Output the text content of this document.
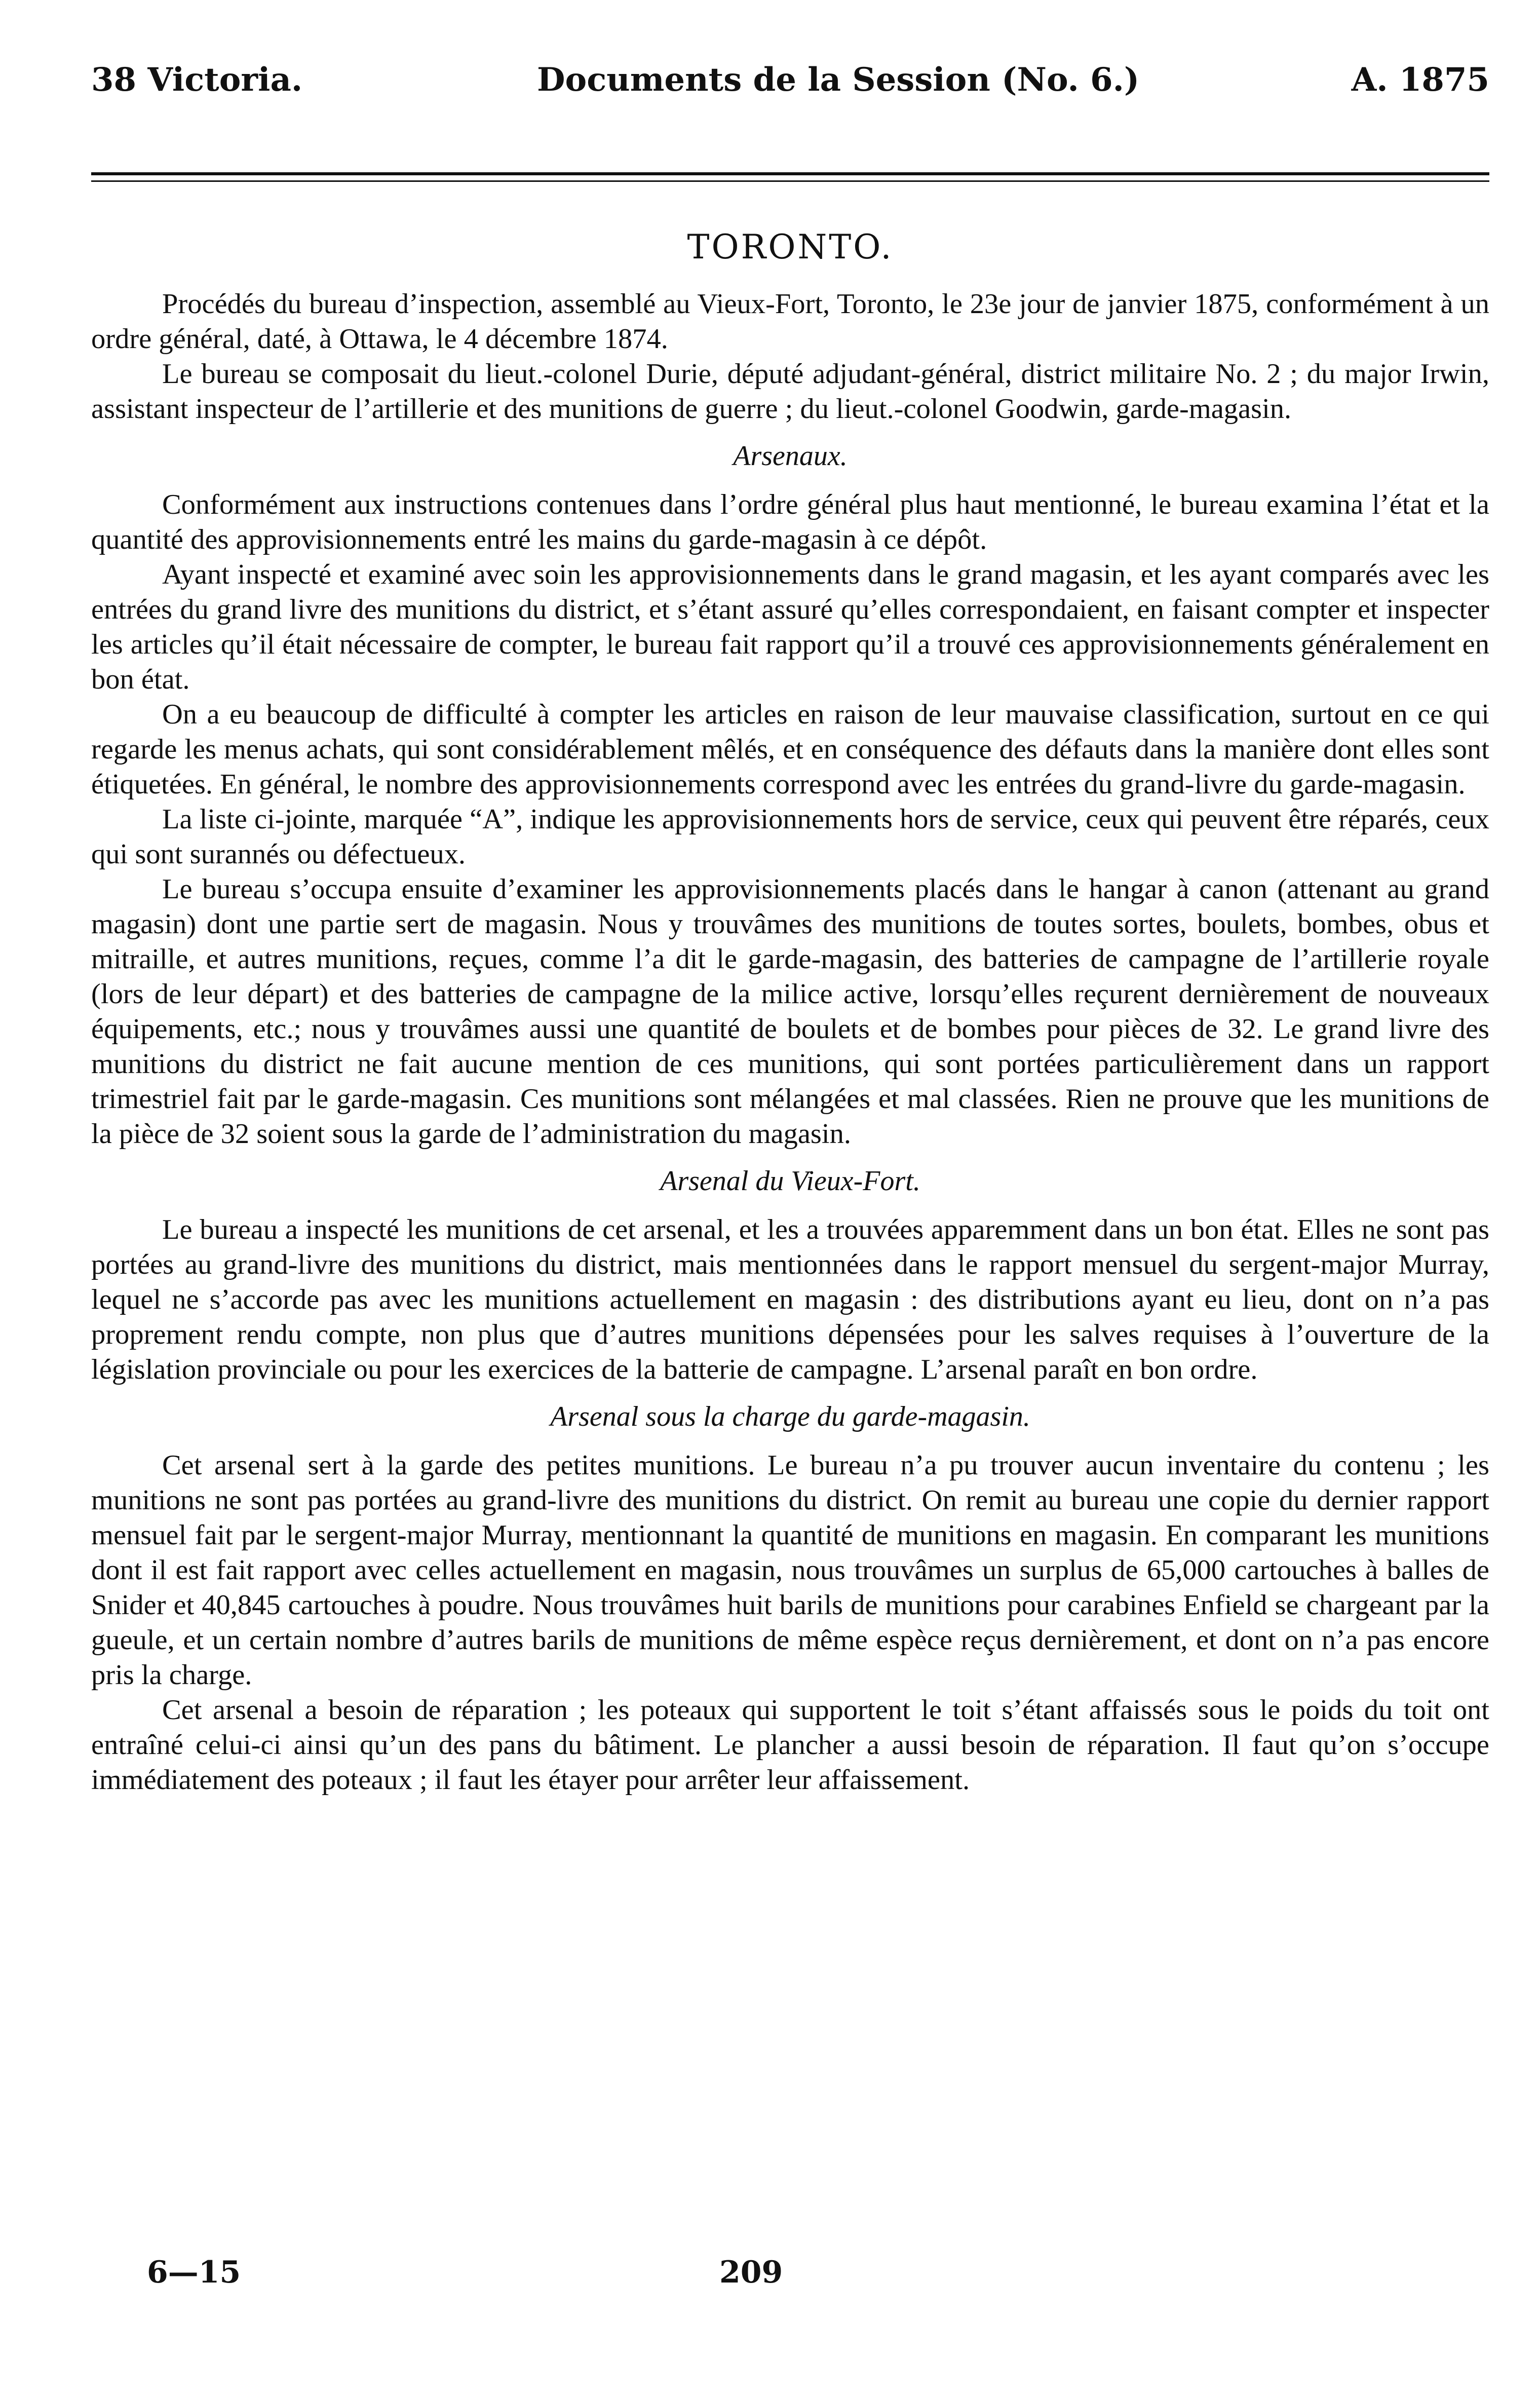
38 Victoria.	Documents de la Session (No. 6.)	A. 1875
TORONTO.

Procédés du bureau d’inspection, assemblé au Vieux-Fort, Toronto, le 23e jour de janvier 1875, conformément à un ordre général, daté, à Ottawa, le 4 décembre 1874.

Le bureau se composait du lieut.-colonel Durie, député adjudant-général, district militaire No. 2 ; du major Irwin, assistant inspecteur de l’artillerie et des munitions de guerre ; du lieut.-colonel Goodwin, garde-magasin.

Arsenaux.

Conformément aux instructions contenues dans l’ordre général plus haut mentionné, le bureau examina l’état et la quantité des approvisionnements entré les mains du garde-magasin à ce dépôt.

Ayant inspecté et examiné avec soin les approvisionnements dans le grand magasin, et les ayant comparés avec les entrées du grand livre des munitions du district, et s’étant assuré qu’elles correspondaient, en faisant compter et inspecter les articles qu’il était nécessaire de compter, le bureau fait rapport qu’il a trouvé ces approvisionnements généralement en bon état.

On a eu beaucoup de difficulté à compter les articles en raison de leur mauvaise classification, surtout en ce qui regarde les menus achats, qui sont considérablement mêlés, et en conséquence des défauts dans la manière dont elles sont étiquetées. En général, le nombre des approvisionnements correspond avec les entrées du grand-livre du garde-magasin.

La liste ci-jointe, marquée “A”, indique les approvisionnements hors de service, ceux qui peuvent être réparés, ceux qui sont surannés ou défectueux.

Le bureau s’occupa ensuite d’examiner les approvisionnements placés dans le hangar à canon (attenant au grand magasin) dont une partie sert de magasin. Nous y trouvâmes des munitions de toutes sortes, boulets, bombes, obus et mitraille, et autres munitions, reçues, comme l’a dit le garde-magasin, des batteries de campagne de l’artillerie royale (lors de leur départ) et des batteries de campagne de la milice active, lorsqu’elles reçurent dernièrement de nouveaux équipements, etc.; nous y trouvâmes aussi une quantité de boulets et de bombes pour pièces de 32. Le grand livre des munitions du district ne fait aucune mention de ces munitions, qui sont portées particulièrement dans un rapport trimestriel fait par le garde-magasin. Ces munitions sont mélangées et mal classées. Rien ne prouve que les munitions de la pièce de 32 soient sous la garde de l’administration du magasin.

Arsenal du Vieux-Fort.

Le bureau a inspecté les munitions de cet arsenal, et les a trouvées apparemment dans un bon état. Elles ne sont pas portées au grand-livre des munitions du district, mais mentionnées dans le rapport mensuel du sergent-major Murray, lequel ne s’accorde pas avec les munitions actuellement en magasin : des distributions ayant eu lieu, dont on n’a pas proprement rendu compte, non plus que d’autres munitions dépensées pour les salves requises à l’ouverture de la législation provinciale ou pour les exercices de la batterie de campagne. L’arsenal paraît en bon ordre.

Arsenal sous la charge du garde-magasin.

Cet arsenal sert à la garde des petites munitions. Le bureau n’a pu trouver aucun inventaire du contenu ; les munitions ne sont pas portées au grand-livre des munitions du district. On remit au bureau une copie du dernier rapport mensuel fait par le sergent-major Murray, mentionnant la quantité de munitions en magasin. En comparant les munitions dont il est fait rapport avec celles actuellement en magasin, nous trouvâmes un surplus de 65,000 cartouches à balles de Snider et 40,845 cartouches à poudre. Nous trouvâmes huit barils de munitions pour carabines Enfield se chargeant par la gueule, et un certain nombre d’autres barils de munitions de même espèce reçus dernièrement, et dont on n’a pas encore pris la charge.

Cet arsenal a besoin de réparation ; les poteaux qui supportent le toit s’étant affaissés sous le poids du toit ont entraîné celui-ci ainsi qu’un des pans du bâtiment. Le plancher a aussi besoin de réparation. Il faut qu’on s’occupe immédiatement des poteaux ; il faut les étayer pour arrêter leur affaissement.

6—15	209
